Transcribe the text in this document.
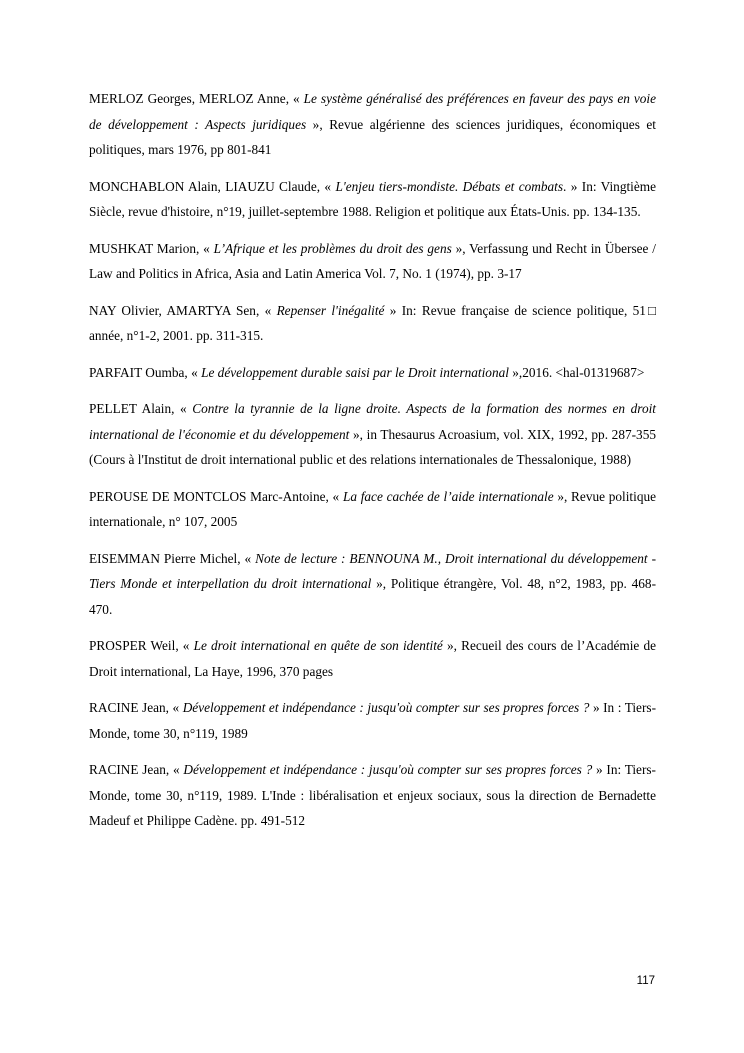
MERLOZ Georges, MERLOZ Anne, « Le système généralisé des préférences en faveur des pays en voie de développement : Aspects juridiques », Revue algérienne des sciences juridiques, économiques et politiques, mars 1976, pp 801-841

MONCHABLON Alain, LIAUZU Claude, « L'enjeu tiers-mondiste. Débats et combats. » In: Vingtième Siècle, revue d'histoire, n°19, juillet-septembre 1988. Religion et politique aux États-Unis. pp. 134-135.

MUSHKAT Marion, « L’Afrique et les problèmes du droit des gens », Verfassung und Recht in Übersee / Law and Politics in Africa, Asia and Latin America Vol. 7, No. 1 (1974), pp. 3-17

NAY Olivier, AMARTYA Sen, « Repenser l'inégalité » In: Revue française de science politique, 51□ année, n°1-2, 2001. pp. 311-315.

PARFAIT Oumba, « Le développement durable saisi par le Droit international »,2016. <hal-01319687>

PELLET Alain, « Contre la tyrannie de la ligne droite. Aspects de la formation des normes en droit international de l'économie et du développement », in Thesaurus Acroasium, vol. XIX, 1992, pp. 287-355 (Cours à l'Institut de droit international public et des relations internationales de Thessalonique, 1988)

PEROUSE DE MONTCLOS Marc-Antoine, « La face cachée de l’aide internationale », Revue politique internationale, n° 107, 2005

EISEMMAN Pierre Michel, « Note de lecture : BENNOUNA M., Droit international du développement - Tiers Monde et interpellation du droit international », Politique étrangère, Vol. 48, n°2, 1983, pp. 468-470.

PROSPER Weil, « Le droit international en quête de son identité », Recueil des cours de l’Académie de Droit international, La Haye, 1996, 370 pages

RACINE Jean, « Développement et indépendance : jusqu'où compter sur ses propres forces ? » In : Tiers-Monde, tome 30, n°119, 1989

RACINE Jean, « Développement et indépendance : jusqu'où compter sur ses propres forces ? » In: Tiers-Monde, tome 30, n°119, 1989. L'Inde : libéralisation et enjeux sociaux, sous la direction de Bernadette Madeuf et Philippe Cadène. pp. 491-512

117
